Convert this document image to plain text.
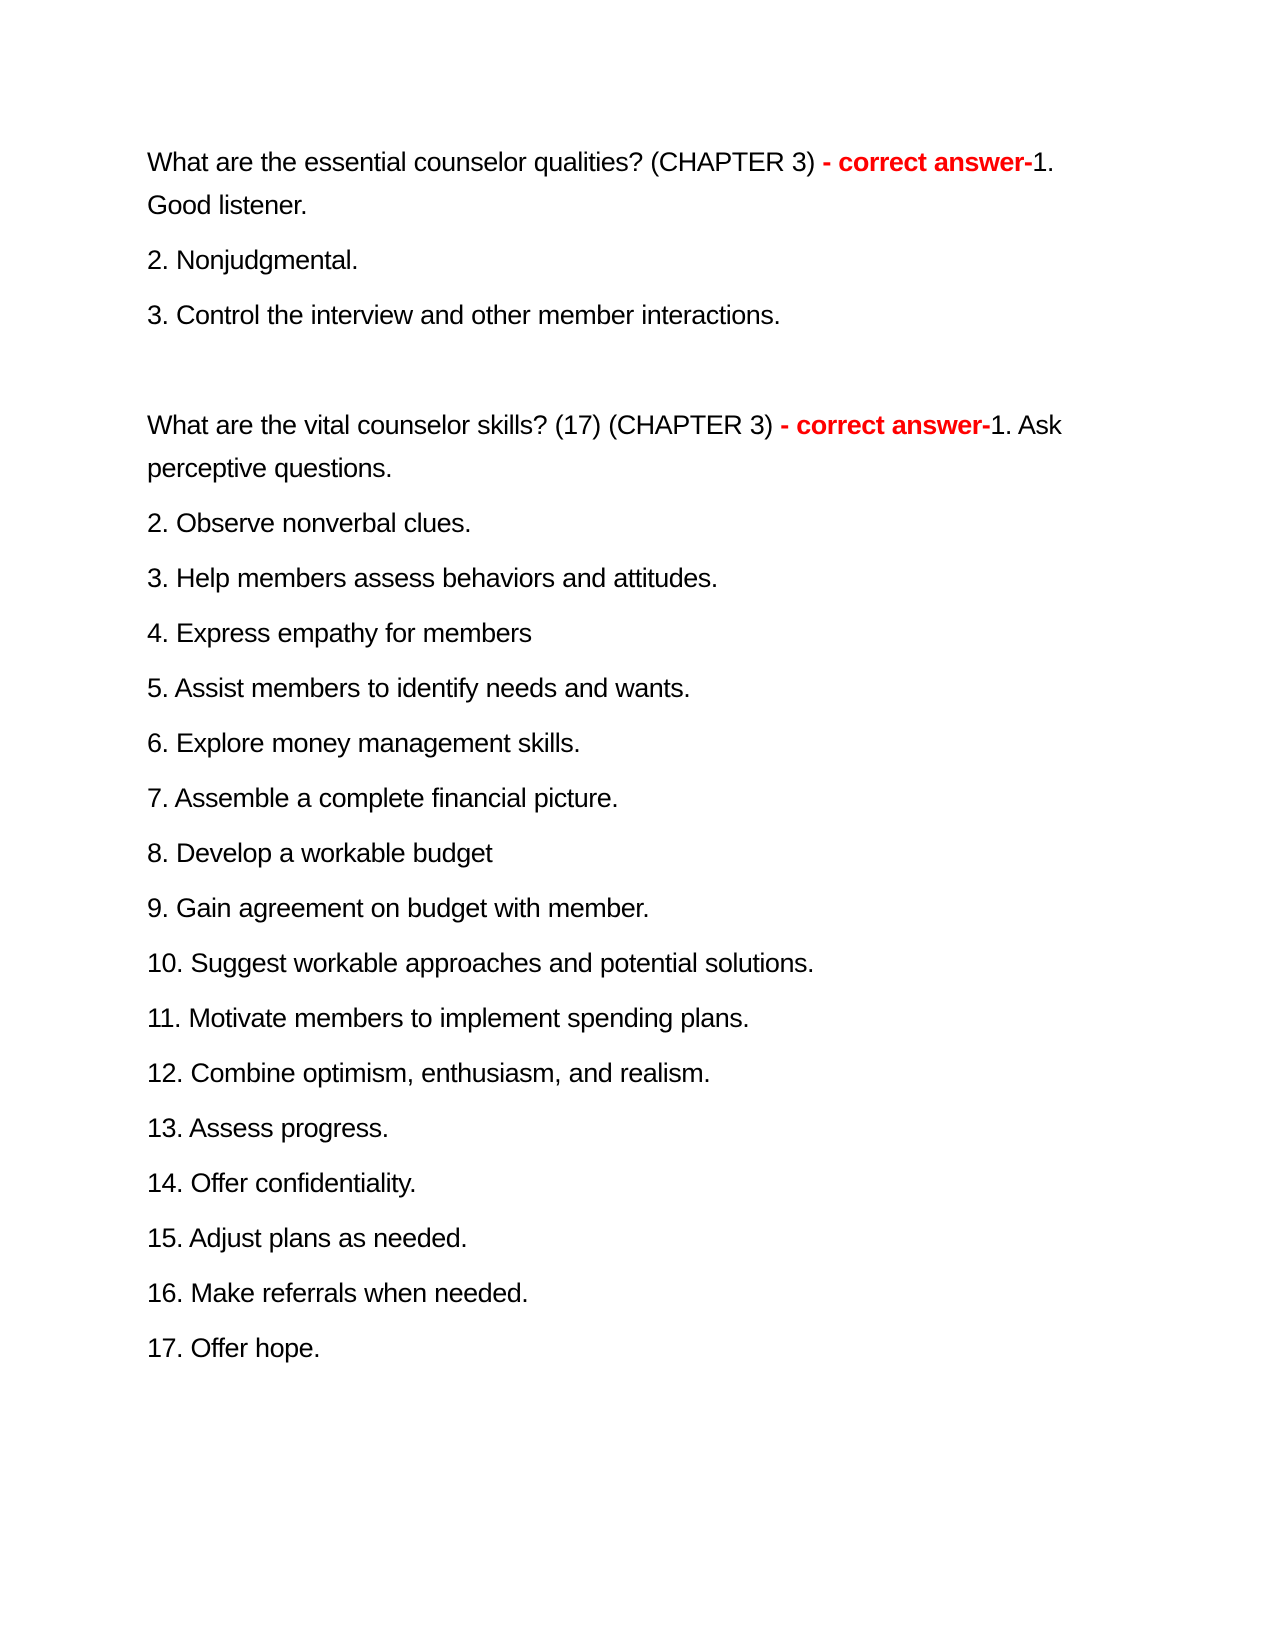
What are the essential counselor qualities? (CHAPTER 3) - correct answer-1. Good listener.

2. Nonjudgmental.

3. Control the interview and other member interactions.

What are the vital counselor skills? (17) (CHAPTER 3) - correct answer-1. Ask perceptive questions.

2. Observe nonverbal clues.

3. Help members assess behaviors and attitudes.

4. Express empathy for members

5. Assist members to identify needs and wants.

6. Explore money management skills.

7. Assemble a complete financial picture.

8. Develop a workable budget

9. Gain agreement on budget with member.

10. Suggest workable approaches and potential solutions.

11. Motivate members to implement spending plans.

12. Combine optimism, enthusiasm, and realism.

13. Assess progress.

14. Offer confidentiality.

15. Adjust plans as needed.

16. Make referrals when needed.

17. Offer hope.
